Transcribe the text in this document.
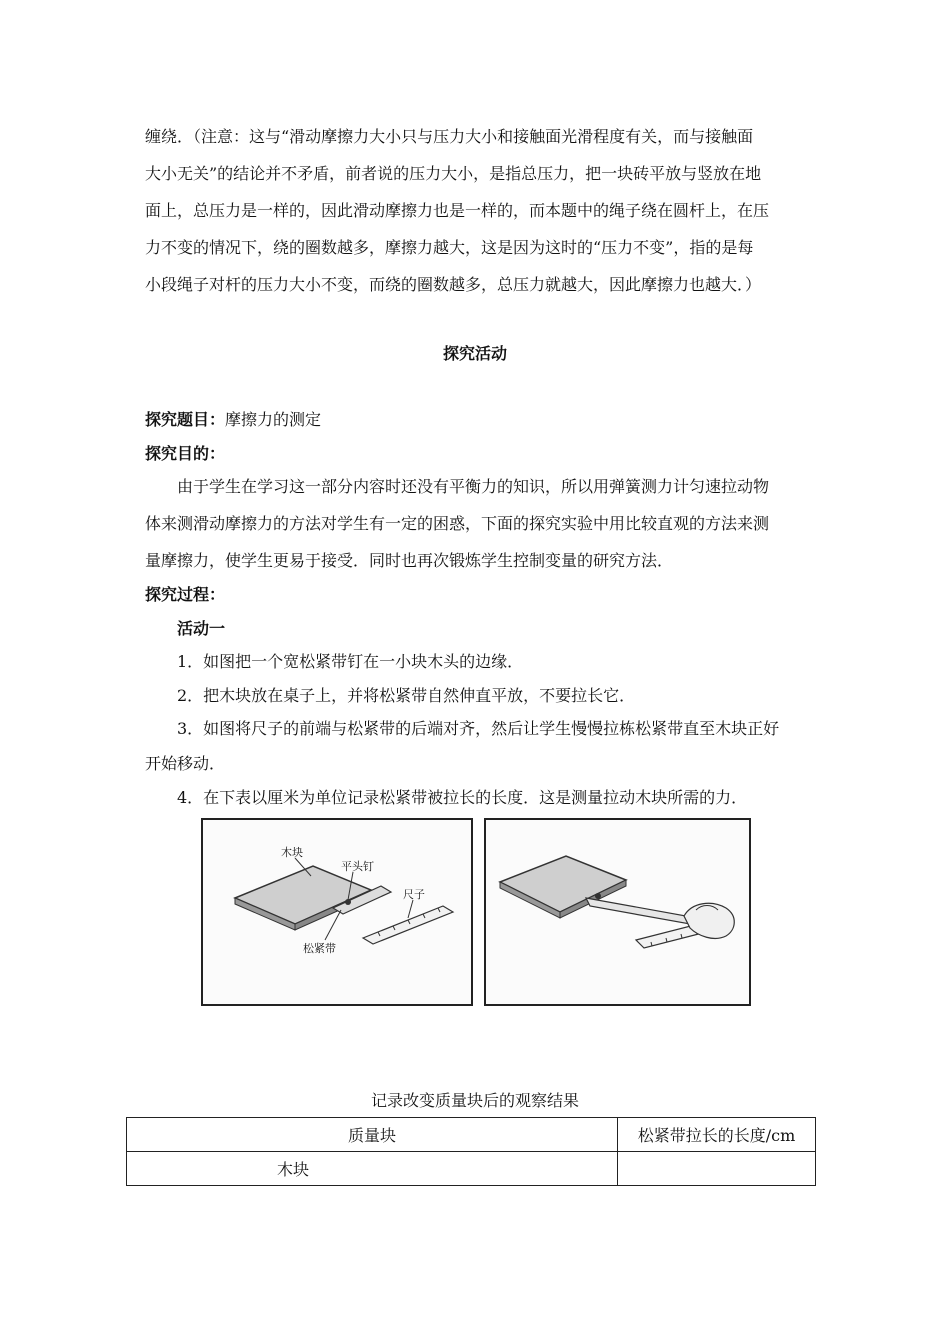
缠绕．（注意：这与“滑动摩擦力大小只与压力大小和接触面光滑程度有关，而与接触面
大小无关”的结论并不矛盾，前者说的压力大小，是指总压力，把一块砖平放与竖放在地
面上，总压力是一样的，因此滑动摩擦力也是一样的，而本题中的绳子绕在圆杆上，在压
力不变的情况下，绕的圈数越多，摩擦力越大，这是因为这时的“压力不变”，指的是每
小段绳子对杆的压力大小不变，而绕的圈数越多，总压力就越大，因此摩擦力也越大．）
探究活动
探究题目：摩擦力的测定
探究目的：
由于学生在学习这一部分内容时还没有平衡力的知识，所以用弹簧测力计匀速拉动物
体来测滑动摩擦力的方法对学生有一定的困惑，下面的探究实验中用比较直观的方法来测
量摩擦力，使学生更易于接受．同时也再次锻炼学生控制变量的研究方法．
探究过程：
活动一
1．如图把一个宽松紧带钉在一小块木头的边缘．
2．把木块放在桌子上，并将松紧带自然伸直平放，不要拉长它．
3．如图将尺子的前端与松紧带的后端对齐，然后让学生慢慢拉栋松紧带直至木块正好
开始移动．
4．在下表以厘米为单位记录松紧带被拉长的长度．这是测量拉动木块所需的力．
木块
平头钉
尺子
松紧带
记录改变质量块后的观察结果
质量块	松紧带拉长的长度/cm
木块	
